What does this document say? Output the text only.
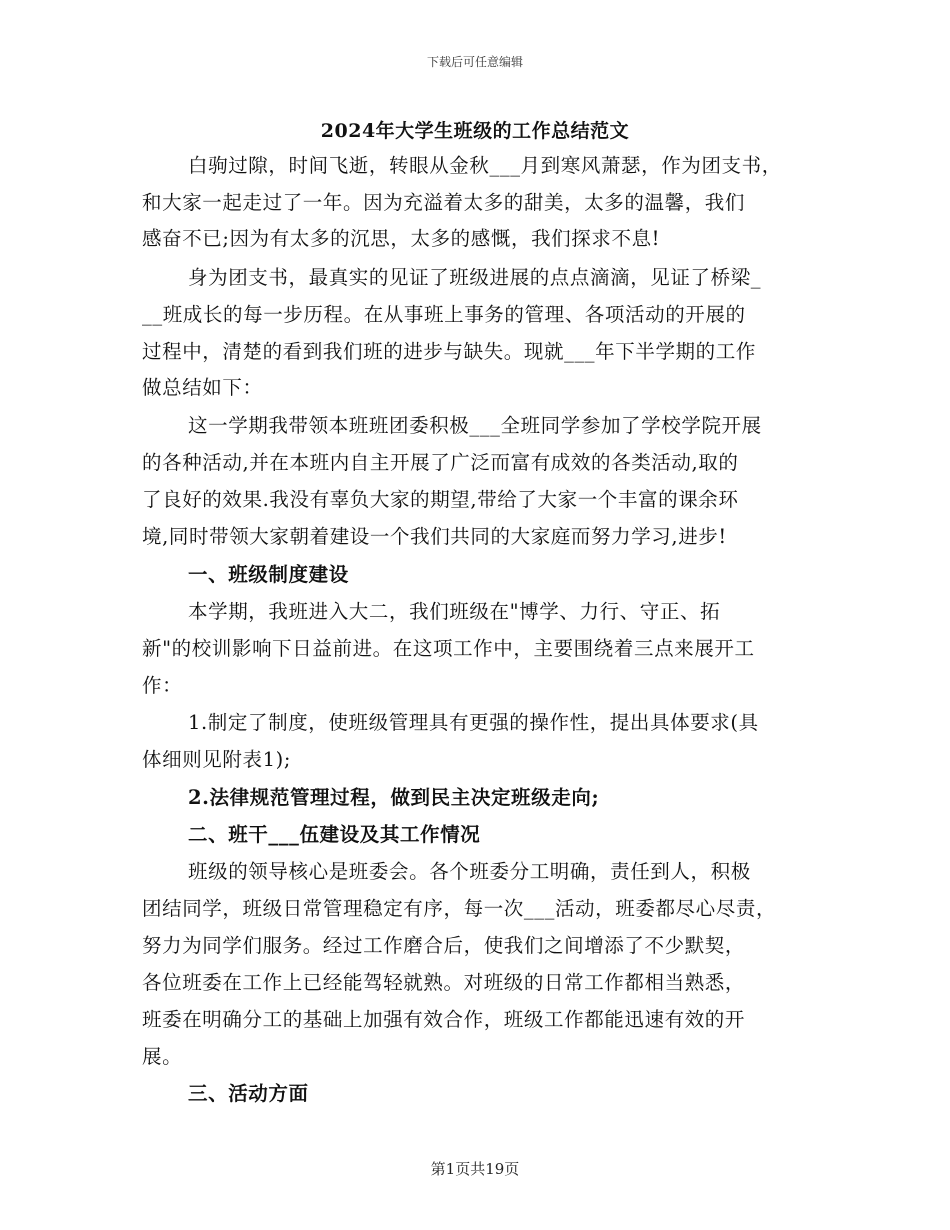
下载后可任意编辑
2024年大学生班级的工作总结范文
白驹过隙，时间飞逝，转眼从金秋___月到寒风萧瑟，作为团支书，
和大家一起走过了一年。因为充溢着太多的甜美，太多的温馨，我们
感奋不已;因为有太多的沉思，太多的感慨，我们探求不息!
身为团支书，最真实的见证了班级进展的点点滴滴，见证了桥梁_
__班成长的每一步历程。在从事班上事务的管理、各项活动的开展的
过程中，清楚的看到我们班的进步与缺失。现就___年下半学期的工作
做总结如下：
这一学期我带领本班班团委积极___全班同学参加了学校学院开展
的各种活动,并在本班内自主开展了广泛而富有成效的各类活动,取的
了良好的效果.我没有辜负大家的期望,带给了大家一个丰富的课余环
境,同时带领大家朝着建设一个我们共同的大家庭而努力学习,进步!
一、班级制度建设
本学期，我班进入大二，我们班级在"博学、力行、守正、拓
新"的校训影响下日益前进。在这项工作中，主要围绕着三点来展开工
作：
1.制定了制度，使班级管理具有更强的操作性，提出具体要求(具
体细则见附表1);
2.法律规范管理过程，做到民主决定班级走向;
二、班干___伍建设及其工作情况
班级的领导核心是班委会。各个班委分工明确，责任到人，积极
团结同学，班级日常管理稳定有序，每一次___活动，班委都尽心尽责，
努力为同学们服务。经过工作磨合后，使我们之间增添了不少默契，
各位班委在工作上已经能驾轻就熟。对班级的日常工作都相当熟悉，
班委在明确分工的基础上加强有效合作，班级工作都能迅速有效的开
展。
三、活动方面
第1页共19页
